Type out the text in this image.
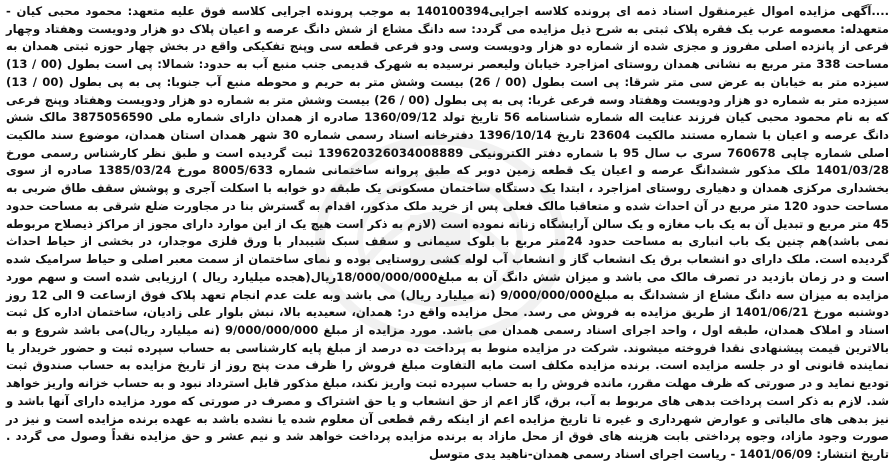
....آگهی مزایده اموال غیرمنقول اسناد ذمه ای پرونده کلاسه اجرایی140100394 به موجب پرونده اجرایی کلاسه فوق علیه متعهد: محمود محبی کیان - متعهدله: معصومه عرب یک فقره پلاک ثبتی به شرح ذیل مزایده می گردد: سه دانگ مشاع از شش دانگ عرصه و اعیان پلاک دو هزار ودویست وهفتاد وچهار فرعی از پانزده اصلی مفروز و مجزی شده از شماره دو هزار ودویست وسی ودو فرعی قطعه سی وپنج تفکیکی واقع در بخش چهار حوزه ثبتی همدان به مساحت 338 متر مربع به نشانی همدان روستای امزاجرد خیابان ولیعصر نرسیده به شهرک قدیمی جنب منبع آب به حدود: شمالا: پی است بطول (00 / 13) سیزده متر به خیابان به عرض سی متر شرقا: پی است بطول (00 / 26) بیست وشش متر به حریم و محوطه منبع آب جنوبا: پی به پی بطول (00 / 13) سیزده متر به شماره دو هزار ودویست وهفتاد وسه فرعی غربا: پی به پی بطول (00 / 26) بیست وشش متر به شماره دو هزار ودویست وهفتاد وپنج فرعی که به نام محمود محبی کیان فرزند عنایت اله شماره شناسنامه 56 تاریخ تولد 1360/09/12 صادره از همدان دارای شماره ملی 3875056590 مالک شش دانگ عرصه و اعیان با شماره مستند مالکیت 23604 تاریخ 1396/10/14 دفترخانه اسناد رسمی شماره 30 شهر همدان استان همدان، موضوع سند مالکیت اصلی شماره چاپی 760678 سری ب سال 95 با شماره دفتر الکترونیکی 139620326034008889 ثبت گردیده است و طبق نظر کارشناس رسمی مورخ 1401/03/28 ملک مذکور ششدانگ عرصه و اعیان یک قطعه زمین دوبر که طبق پروانه ساختمانی شماره 8005/633 مورخ 1385/03/24 صادره از سوی بخشداری مرکزی همدان و دهیاری روستای امزاجرد ، ابتدا یک دستگاه ساختمان مسکونی یک طبقه دو خوابه با اسکلت آجری و پوشش سقف طاق ضربی به مساحت حدود 120 متر مربع در آن احداث شده و متعاقبا مالک فعلی پس از خرید ملک مذکور، اقدام به گسترش بنا در مجاورت ضلع شرقی به مساحت حدود 45 متر مربع و تبدیل آن به یک باب مغازه و یک سالن آرایشگاه زنانه نموده است (لازم به ذکر است هیچ یک از این موارد دارای مجوز از مراکز ذیصلاح مربوطه نمی باشد)هم چنین یک باب انباری به مساحت حدود 24متر مربع با بلوک سیمانی و سقف سبک شیبدار با ورق فلزی موجدار، در بخشی از حیاط احداث گردیده است. ملک دارای دو انشعاب برق یک انشعاب گاز و انشعاب آب لوله کشی روستایی بوده و نمای ساختمان از سمت معبر اصلی و حیاط سرامیک شده است و در زمان بازدید در تصرف مالک می باشد و میزان شش دانگ آن به مبلغ18/000/000/000ریال(هجده میلیارد ریال ) ارزیابی شده است و سهم مورد مزایده به میزان سه دانگ مشاع از ششدانگ به مبلغ9/000/000/000 (نه میلیارد ریال) می باشد وبه علت عدم انجام تعهد پلاک فوق ازساعت 9 الی 12 روز دوشنبه مورخ 1401/06/21 از طریق مزایده به فروش می رسد. محل مزایده واقع در: همدان، سعیدیه بالا، نبش بلوار علی زادیان، ساختمان اداره کل ثبت اسناد و املاک همدان، طبقه اول ، واحد اجرای اسناد رسمی همدان می باشد. مورد مزایده از مبلغ 9/000/000/000 (نه میلیارد ریال)می باشد شروع و به بالاترین قیمت پیشنهادی نقدا فروخته میشوند. شرکت در مزایده منوط به پرداخت ده درصد از مبلغ پایه کارشناسی به حساب سپرده ثبت و حضور خریدار یا نماینده قانونی او در جلسه مزایده است. برنده مزایده مکلف است مابه التفاوت مبلغ فروش را ظرف مدت پنج روز از تاریخ مزایده به حساب صندوق ثبت تودیع نماید و در صورتی که ظرف مهلت مقرر، مانده فروش را به حساب سپرده ثبت واریز نکند، مبلغ مذکور قابل استرداد نبود و به حساب خزانه واریز خواهد شد. لازم به ذکر است پرداخت بدهی های مربوط به آب، برق، گاز اعم از حق انشعاب و یا حق اشتراک و مصرف در صورتی که مورد مزایده دارای آنها باشد و نیز بدهی های مالیاتی و عوارض شهرداری و غیره تا تاریخ مزایده اعم از اینکه رقم قطعی آن معلوم شده یا نشده باشد به عهده برنده مزایده است و نیز در صورت وجود مازاد، وجوه پرداختی بابت هزینه های فوق از محل مازاد به برنده مزایده پرداخت خواهد شد و نیم عشر و حق مزایده نقداً وصول می گردد . تاریخ انتشار: 1401/06/09 - ریاست اجرای اسناد رسمی همدان-ناهید یدی متوسل
